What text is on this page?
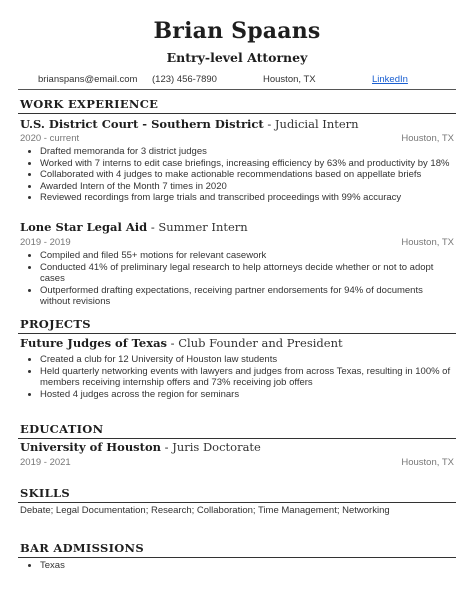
Brian Spaans
Entry-level Attorney
brianspans@email.com (123) 456-7890	Houston, TX	LinkedIn
WORK EXPERIENCE
U.S. District Court - Southern District - Judicial Intern
2020 - current	Houston, TX
• Drafted memoranda for 3 district judges
• Worked with 7 interns to edit case briefings, increasing efficiency by 63% and productivity by 18%
• Collaborated with 4 judges to make actionable recommendations based on appellate briefs
• Awarded Intern of the Month 7 times in 2020
• Reviewed recordings from large trials and transcribed proceedings with 99% accuracy
Lone Star Legal Aid - Summer Intern
2019 - 2019	Houston, TX
• Compiled and filed 55+ motions for relevant casework
• Conducted 41% of preliminary legal research to help attorneys decide whether or not to adopt cases
• Outperformed drafting expectations, receiving partner endorsements for 94% of documents without revisions
PROJECTS
Future Judges of Texas - Club Founder and President
• Created a club for 12 University of Houston law students
• Held quarterly networking events with lawyers and judges from across Texas, resulting in 100% of members receiving internship offers and 73% receiving job offers
• Hosted 4 judges across the region for seminars
EDUCATION
University of Houston - Juris Doctorate
2019 - 2021	Houston, TX
SKILLS
Debate; Legal Documentation; Research; Collaboration; Time Management; Networking
BAR ADMISSIONS
• Texas
